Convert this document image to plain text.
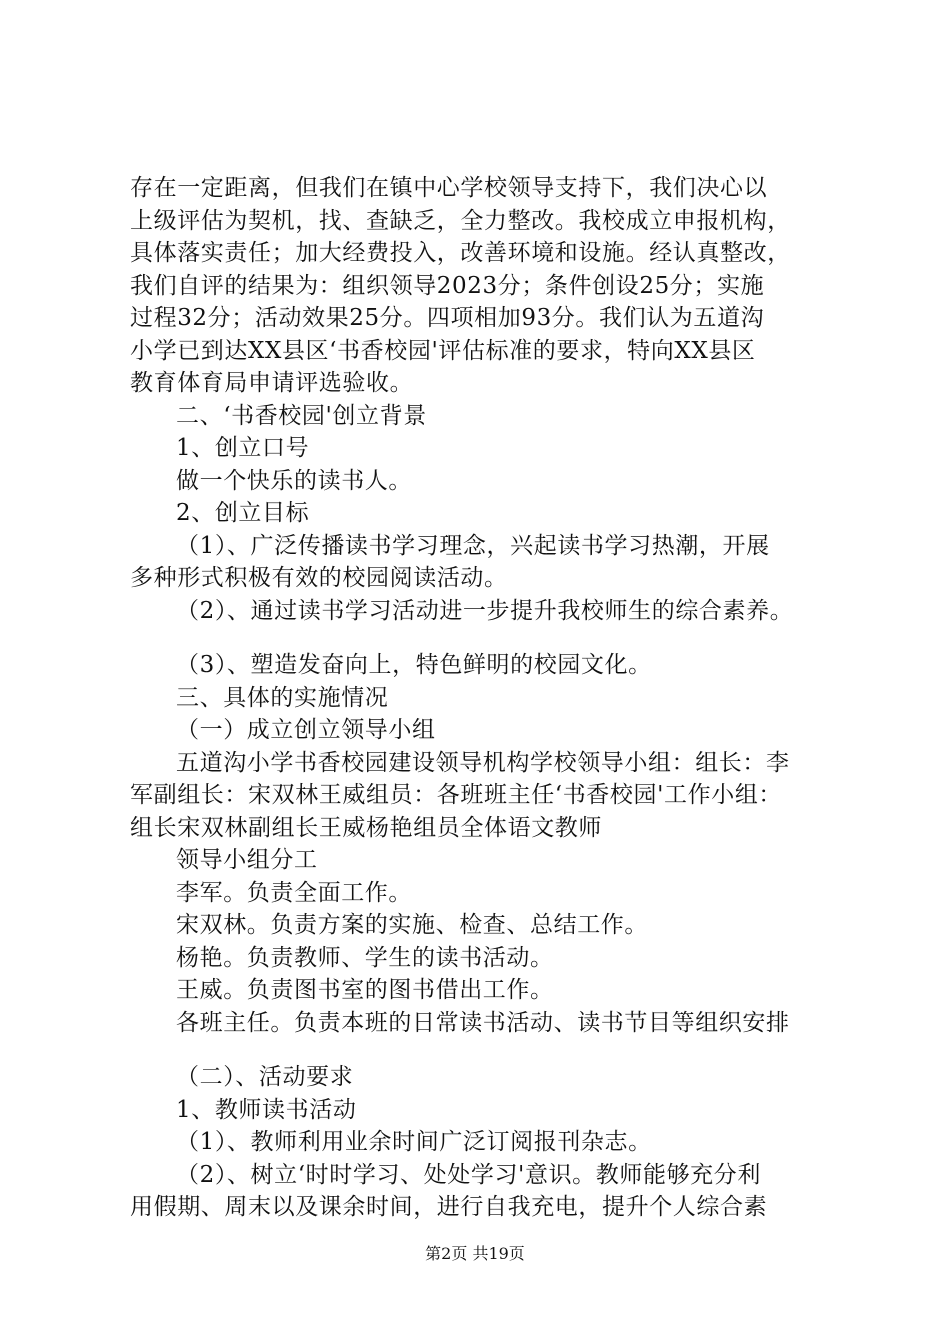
存在一定距离，但我们在镇中心学校领导支持下，我们决心以
上级评估为契机，找、查缺乏，全力整改。我校成立申报机构，
具体落实责任；加大经费投入，改善环境和设施。经认真整改，
我们自评的结果为：组织领导2023分；条件创设25分；实施
过程32分；活动效果25分。四项相加93分。我们认为五道沟
小学已到达XX县区‘书香校园'评估标准的要求，特向XX县区
教育体育局申请评选验收。
二、‘书香校园'创立背景
1、创立口号
做一个快乐的读书人。
2、创立目标
（1）、广泛传播读书学习理念，兴起读书学习热潮，开展
多种形式积极有效的校园阅读活动。
（2）、通过读书学习活动进一步提升我校师生的综合素养。
（3）、塑造发奋向上，特色鲜明的校园文化。
三、具体的实施情况
（一）成立创立领导小组
五道沟小学书香校园建设领导机构学校领导小组：组长：李
军副组长：宋双林王威组员：各班班主任‘书香校园'工作小组：
组长宋双林副组长王威杨艳组员全体语文教师
领导小组分工
李军。负责全面工作。
宋双林。负责方案的实施、检查、总结工作。
杨艳。负责教师、学生的读书活动。
王威。负责图书室的图书借出工作。
各班主任。负责本班的日常读书活动、读书节目等组织安排
（二）、活动要求
1、教师读书活动
（1）、教师利用业余时间广泛订阅报刊杂志。
（2）、树立‘时时学习、处处学习'意识。教师能够充分利
用假期、周末以及课余时间，进行自我充电，提升个人综合素
第2页 共19页
